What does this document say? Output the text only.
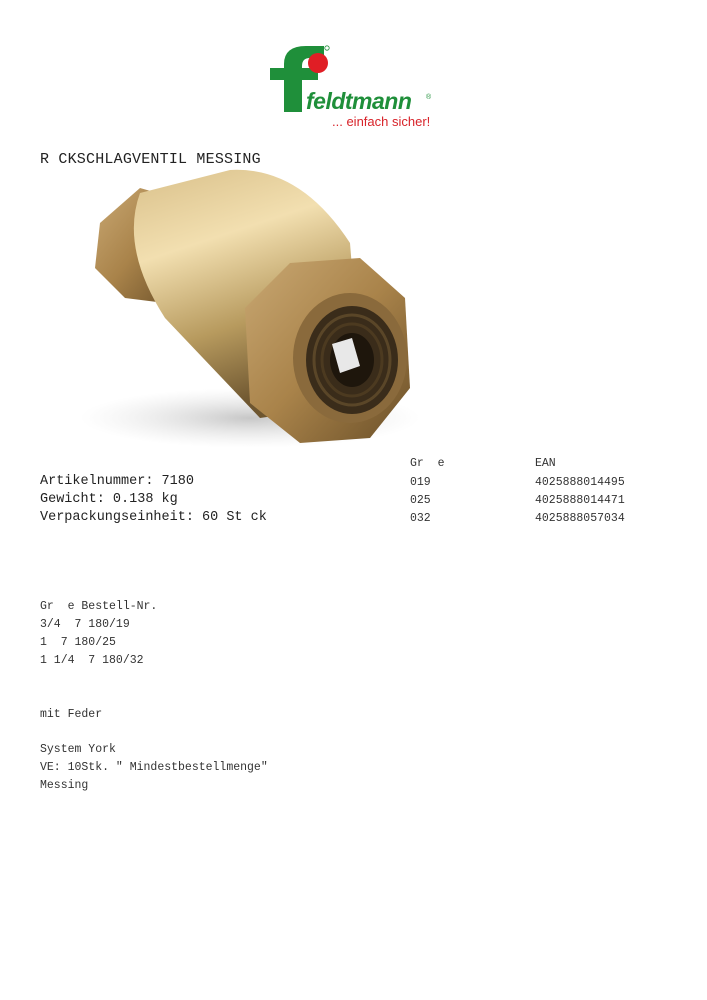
feldtmann ®
... einfach sicher!
R CKSCHLAGVENTIL MESSING
Gr  e	EAN
Artikelnummer: 7180
Gewicht: 0.138 kg
Verpackungseinheit: 60 St ck
019	4025888014495
025	4025888014471
032	4025888057034
Gr  e Bestell-Nr.
3/4  7 180/19
1  7 180/25
1 1/4  7 180/32
mit Feder
System York
VE: 10Stk. " Mindestbestellmenge"
Messing
